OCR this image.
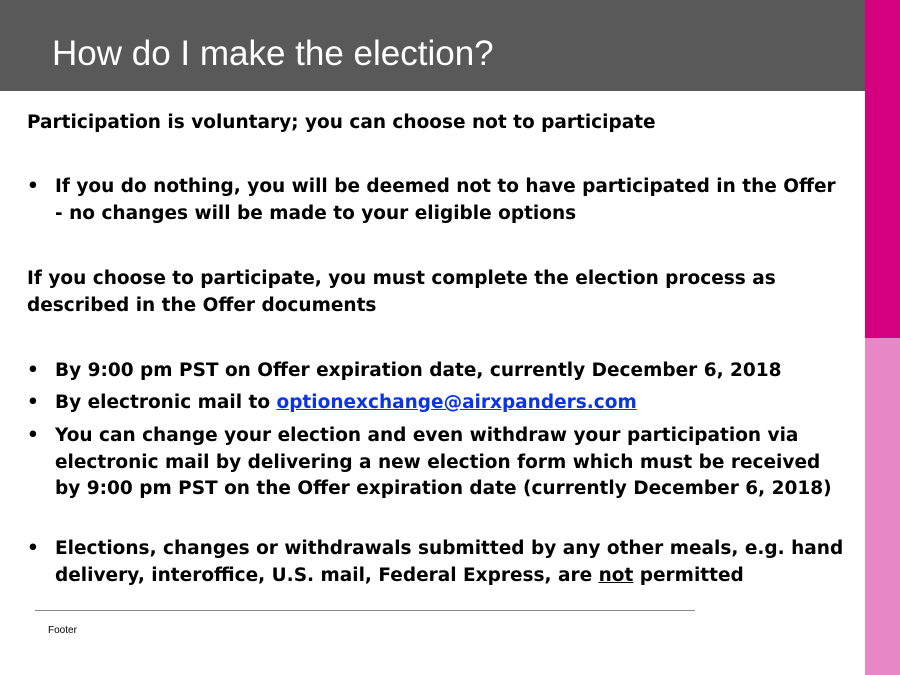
How do I make the election?
Participation is voluntary; you can choose not to participate
• If you do nothing, you will be deemed not to have participated in the Offer - no changes will be made to your eligible options
If you choose to participate, you must complete the election process as described in the Offer documents
• By 9:00 pm PST on Offer expiration date, currently December 6, 2018
• By electronic mail to optionexchange@airxpanders.com
• You can change your election and even withdraw your participation via electronic mail by delivering a new election form which must be received by 9:00 pm PST on the Offer expiration date (currently December 6, 2018)
• Elections, changes or withdrawals submitted by any other meals, e.g. hand delivery, interoffice, U.S. mail, Federal Express, are not permitted
Footer
